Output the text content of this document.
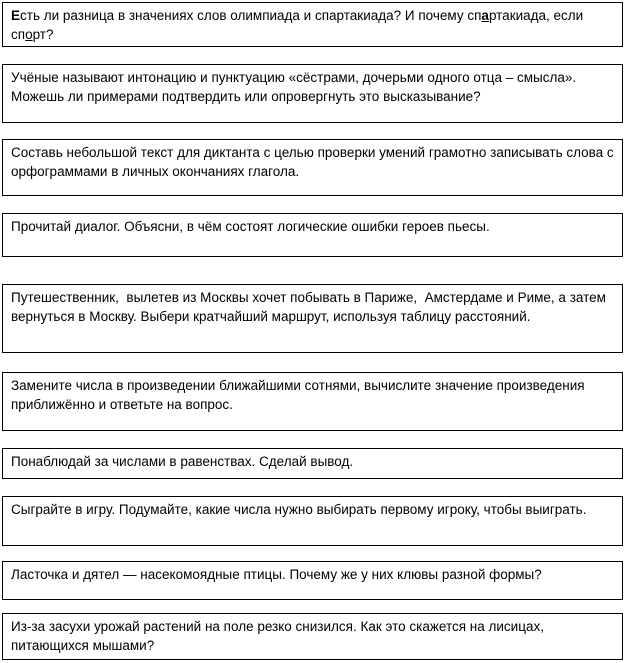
Есть ли разница в значениях слов олимпиада и спартакиада? И почему спартакиада, если спорт?
Учёные называют интонацию и пунктуацию «сёстрами, дочерьми одного отца – смысла». Можешь ли примерами подтвердить или опровергнуть это высказывание?
Составь небольшой текст для диктанта с целью проверки умений грамотно записывать слова с орфограммами в личных окончаниях глагола.
Прочитай диалог. Объясни, в чём состоят логические ошибки героев пьесы.
Путешественник,  вылетев из Москвы хочет побывать в Париже,  Амстердаме и Риме, а затем вернуться в Москву. Выбери кратчайший маршрут, используя таблицу расстояний.
Замените числа в произведении ближайшими сотнями, вычислите значение произведения приближённо и ответьте на вопрос.
Понаблюдай за числами в равенствах. Сделай вывод.
Сыграйте в игру. Подумайте, какие числа нужно выбирать первому игроку, чтобы выиграть.
Ласточка и дятел — насекомоядные птицы. Почему же у них клювы разной формы?
Из-за засухи урожай растений на поле резко снизился. Как это скажется на лисицах, питающихся мышами?
